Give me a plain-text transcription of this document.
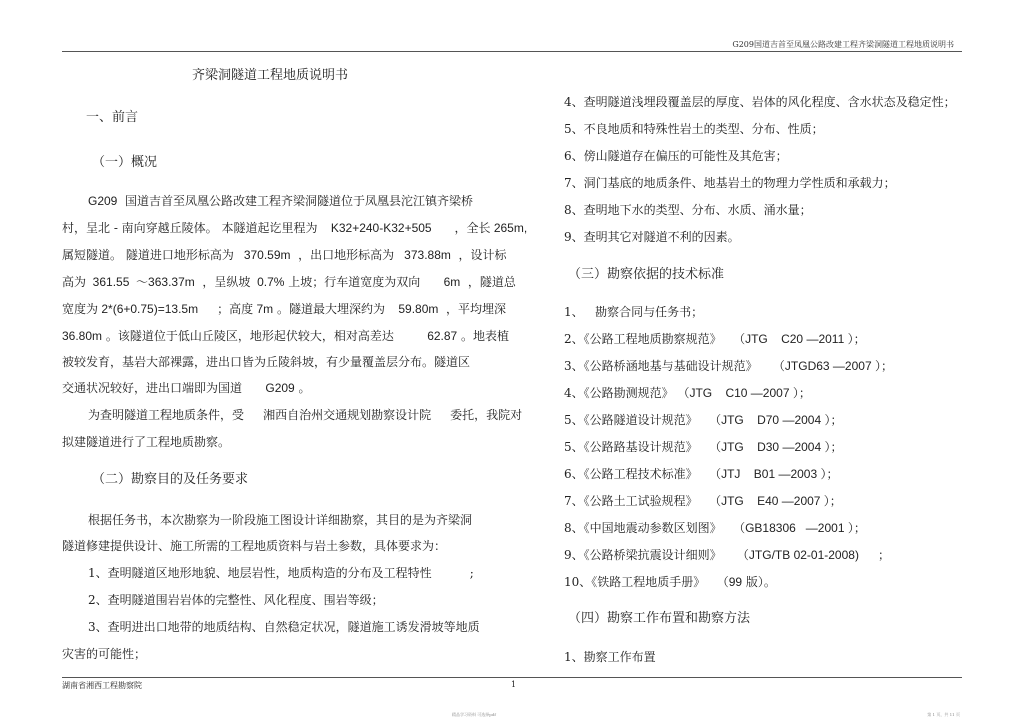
G209国道吉首至凤凰公路改建工程齐梁洞隧道工程地质说明书
湖南省湘西工程勘察院	1
精品学习资料 可选择pdf	第 1 页，共 11 页
齐梁洞隧道工程地质说明书
一、前言
（一）概况
G209  国道吉首至凤凰公路改建工程齐梁洞隧道位于凤凰县沱江镇齐梁桥
村，呈北 - 南向穿越丘陵体。 本隧道起讫里程为    K32+240-K32+505      ，全长 265m,
属短隧道。 隧道进口地形标高为   370.59m  ，出口地形标高为   373.88m  ，设计标
高为  361.55  ～363.37m  ，呈纵坡  0.7% 上坡；行车道宽度为双向       6m  ，隧道总
宽度为 2*(6+0.75)=13.5m     ；高度 7m 。隧道最大埋深约为    59.80m  ，平均埋深
36.80m 。该隧道位于低山丘陵区，地形起伏较大，相对高差达          62.87 。地表植
被较发育，基岩大部裸露，进出口皆为丘陵斜坡，有少量覆盖层分布。隧道区
交通状况较好，进出口端即为国道       G209 。
为查明隧道工程地质条件，受     湘西自治州交通规划勘察设计院     委托，我院对
拟建隧道进行了工程地质勘察。
（二）勘察目的及任务要求
根据任务书，本次勘察为一阶段施工图设计详细勘察，其目的是为齐梁洞
隧道修建提供设计、施工所需的工程地质资料与岩土参数，具体要求为：
1、查明隧道区地形地貌、地层岩性，地质构造的分布及工程特性          ;
2、查明隧道围岩岩体的完整性、风化程度、围岩等级；
3、查明进出口地带的地质结构、自然稳定状况，隧道施工诱发滑坡等地质
灾害的可能性；
4、查明隧道浅埋段覆盖层的厚度、岩体的风化程度、含水状态及稳定性；
5、不良地质和特殊性岩土的类型、分布、性质；
6、傍山隧道存在偏压的可能性及其危害；
7、洞门基底的地质条件、地基岩土的物理力学性质和承载力；
8、查明地下水的类型、分布、水质、涌水量；
9、查明其它对隧道不利的因素。
（三）勘察依据的技术标准
1、   勘察合同与任务书；
2、《公路工程地质勘察规范》   （JTG    C20 —2011 ）；
3、《公路桥涵地基与基础设计规范》    （JTGD63 —2007 ）；
4、《公路勘测规范》 （JTG    C10 —2007 ）；
5、《公路隧道设计规范》   （JTG    D70 —2004 ）；
5、《公路路基设计规范》   （JTG    D30 —2004 ）；
6、《公路工程技术标准》   （JTJ    B01 —2003 ）；
7、《公路土工试验规程》   （JTG    E40 —2007 ）；
8、《中国地震动参数区划图》   （GB18306   —2001 ）；
9、《公路桥梁抗震设计细则》    （JTG/TB 02-01-2008)     ；
10、《铁路工程地质手册》   （99 版）。
（四）勘察工作布置和勘察方法
1、勘察工作布置
